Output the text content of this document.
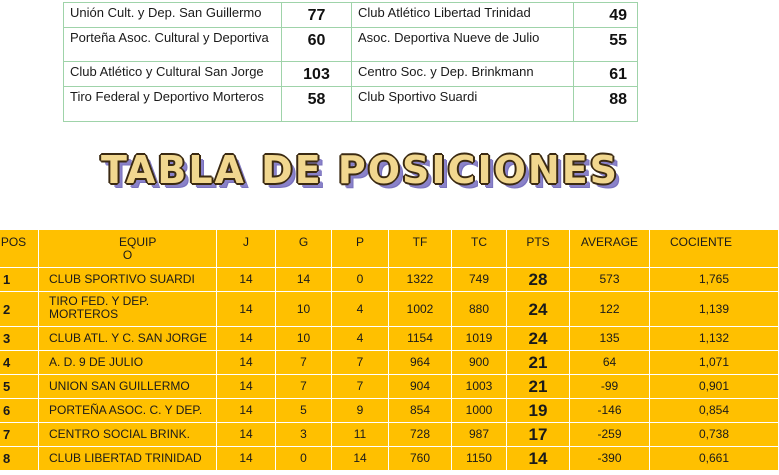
Unión Cult. y Dep. San Guillermo	77	Club Atlético Libertad Trinidad	49
Porteña Asoc. Cultural y Deportiva	60	Asoc. Deportiva Nueve de Julio	55
Club Atlético y Cultural San Jorge	103	Centro Soc. y Dep. Brinkmann	61
Tiro Federal y Deportivo Morteros	58	Club Sportivo Suardi	88
TABLA DE POSICIONES
POS	EQUIP O	J	G	P	TF	TC	PTS	AVERAGE	COCIENTE
1	CLUB SPORTIVO SUARDI	14	14	0	1322	749	28	573	1,765
2	TIRO FED. Y DEP. MORTEROS	14	10	4	1002	880	24	122	1,139
3	CLUB ATL. Y C. SAN JORGE	14	10	4	1154	1019	24	135	1,132
4	A. D. 9 DE JULIO	14	7	7	964	900	21	64	1,071
5	UNION SAN GUILLERMO	14	7	7	904	1003	21	-99	0,901
6	PORTEÑA ASOC. C. Y DEP.	14	5	9	854	1000	19	-146	0,854
7	CENTRO SOCIAL BRINK.	14	3	11	728	987	17	-259	0,738
8	CLUB LIBERTAD TRINIDAD	14	0	14	760	1150	14	-390	0,661
